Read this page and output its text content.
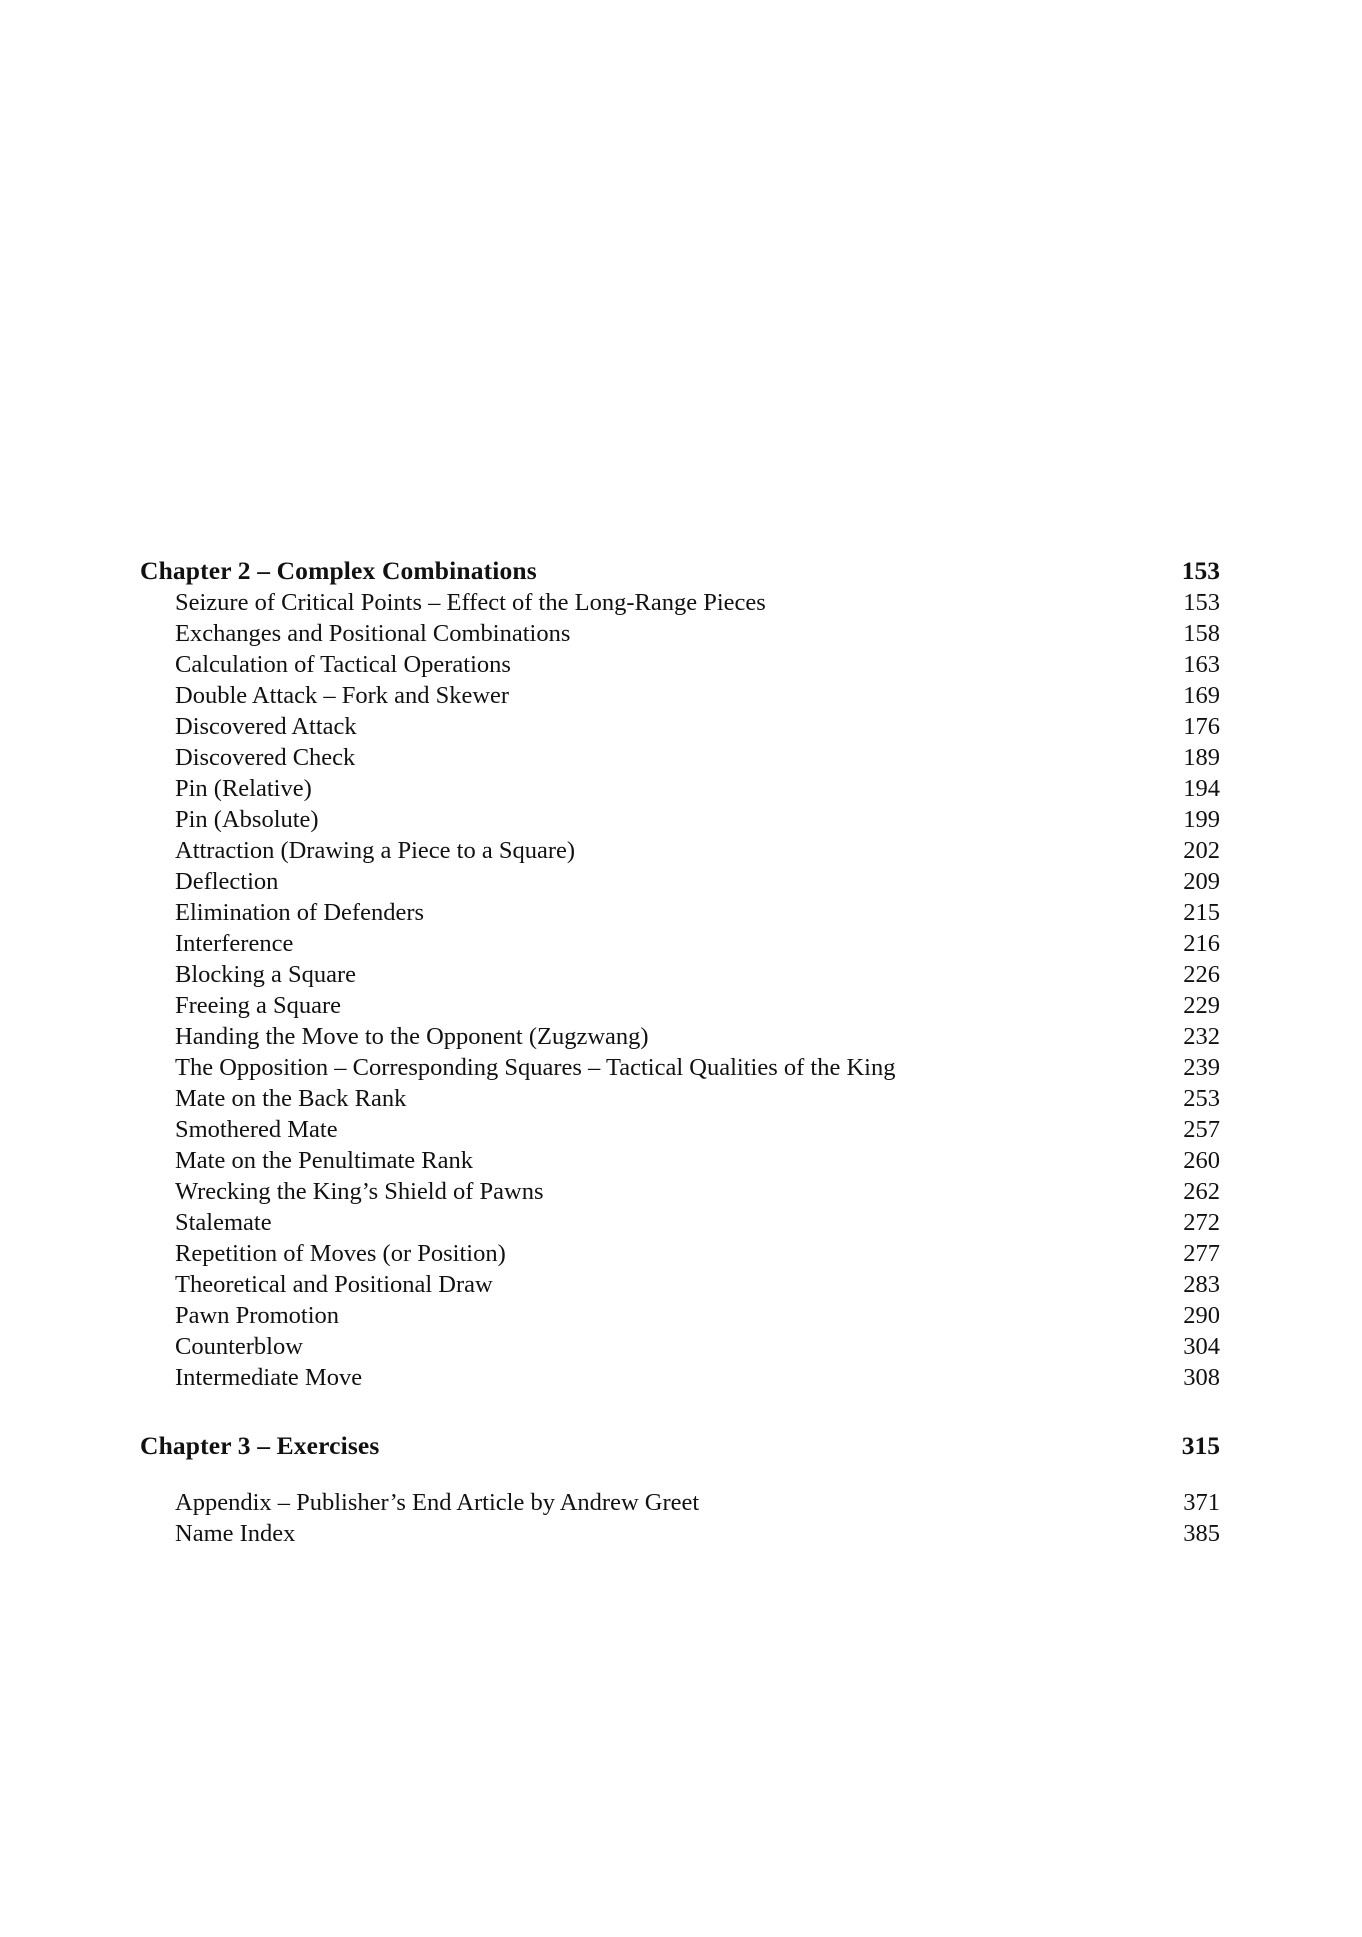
Chapter 2 – Complex Combinations	153
Seizure of Critical Points – Effect of the Long-Range Pieces	153
Exchanges and Positional Combinations	158
Calculation of Tactical Operations	163
Double Attack – Fork and Skewer	169
Discovered Attack	176
Discovered Check	189
Pin (Relative)	194
Pin (Absolute)	199
Attraction (Drawing a Piece to a Square)	202
Deflection	209
Elimination of Defenders	215
Interference	216
Blocking a Square	226
Freeing a Square	229
Handing the Move to the Opponent (Zugzwang)	232
The Opposition – Corresponding Squares – Tactical Qualities of the King	239
Mate on the Back Rank	253
Smothered Mate	257
Mate on the Penultimate Rank	260
Wrecking the King’s Shield of Pawns	262
Stalemate	272
Repetition of Moves (or Position)	277
Theoretical and Positional Draw	283
Pawn Promotion	290
Counterblow	304
Intermediate Move	308
Chapter 3 – Exercises	315
Appendix – Publisher’s End Article by Andrew Greet	371
Name Index	385
